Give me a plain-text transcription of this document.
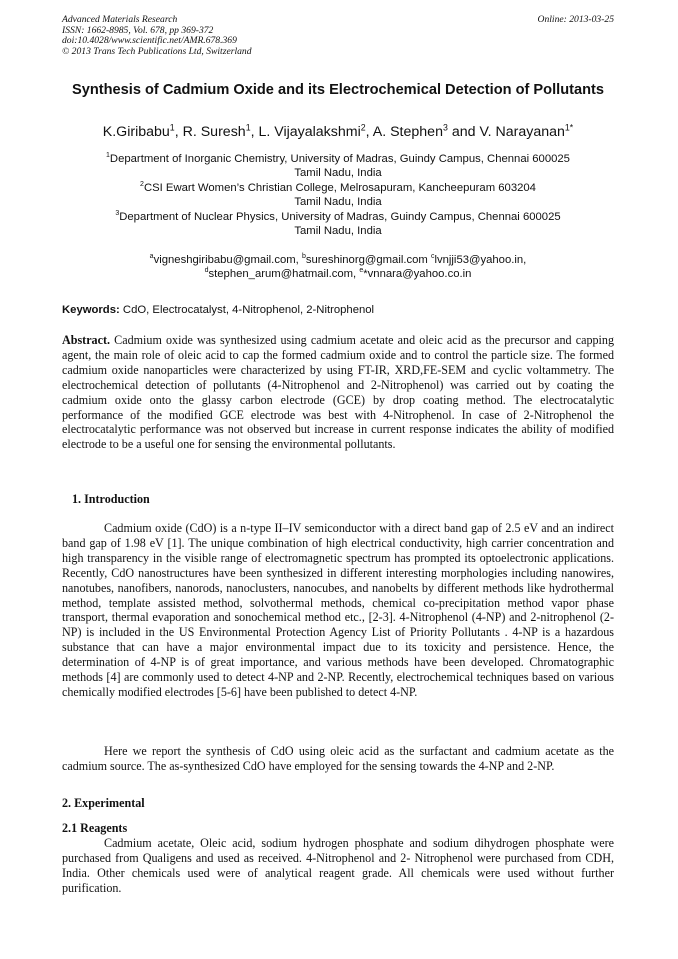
Advanced Materials Research
ISSN: 1662-8985, Vol. 678, pp 369-372
doi:10.4028/www.scientific.net/AMR.678.369
© 2013 Trans Tech Publications Ltd, Switzerland
Online: 2013-03-25
Synthesis of Cadmium Oxide and its Electrochemical Detection of Pollutants
K.Giribabu$^1$, R. Suresh$^1$, L. Vijayalakshmi$^2$, A. Stephen$^3$ and V. Narayanan$^{1*}$
$^1$Department of Inorganic Chemistry, University of Madras, Guindy Campus, Chennai 600025
Tamil Nadu, India
$^2$CSI Ewart Women’s Christian College, Melrosapuram, Kancheepuram 603204
Tamil Nadu, India
$^3$Department of Nuclear Physics, University of Madras, Guindy Campus, Chennai 600025
Tamil Nadu, India
$^a$vigneshgiribabu@gmail.com, $^b$sureshinorg@gmail.com $^c$lvnjji53@yahoo.in,
$^d$stephen_arum@hatmail.com, $^e$*vnnara@yahoo.co.in
Keywords: CdO, Electrocatalyst, 4-Nitrophenol, 2-Nitrophenol
Abstract. Cadmium oxide was synthesized using cadmium acetate and oleic acid as the precursor and capping agent, the main role of oleic acid to cap the formed cadmium oxide and to control the particle size. The formed cadmium oxide nanoparticles were characterized by using FT-IR, XRD,FE-SEM and cyclic voltammetry. The electrochemical detection of pollutants (4-Nitrophenol and 2-Nitrophenol) was carried out by coating the cadmium oxide onto the glassy carbon electrode (GCE) by drop coating method. The electrocatalytic performance of the modified GCE electrode was best with 4-Nitrophenol. In case of 2-Nitrophenol the electrocatalytic performance was not observed but increase in current response indicates the ability of modified electrode to be a useful one for sensing the environmental pollutants.
1. Introduction
Cadmium oxide (CdO) is a n-type II–IV semiconductor with a direct band gap of 2.5 eV and an indirect band gap of 1.98 eV [1]. The unique combination of high electrical conductivity, high carrier concentration and high transparency in the visible range of electromagnetic spectrum has prompted its optoelectronic applications. Recently, CdO nanostructures have been synthesized in different interesting morphologies including nanowires, nanotubes, nanofibers, nanorods, nanoclusters, nanocubes, and nanobelts by different methods like hydrothermal method, template assisted method, solvothermal methods, chemical co-precipitation method vapor phase transport, thermal evaporation and sonochemical method etc., [2-3]. 4-Nitrophenol (4-NP) and 2-nitrophenol (2-NP) is included in the US Environmental Protection Agency List of Priority Pollutants . 4-NP is a hazardous substance that can have a major environmental impact due to its toxicity and persistence. Hence, the determination of 4-NP is of great importance, and various methods have been developed. Chromatographic methods [4] are commonly used to detect 4-NP and 2-NP. Recently, electrochemical techniques based on various chemically modified electrodes [5-6] have been published to detect 4-NP.
Here we report the synthesis of CdO using oleic acid as the surfactant and cadmium acetate as the cadmium source. The as-synthesized CdO have employed for the sensing towards the 4-NP and 2-NP.
2. Experimental
2.1 Reagents
Cadmium acetate, Oleic acid, sodium hydrogen phosphate and sodium dihydrogen phosphate were purchased from Qualigens and used as received. 4-Nitrophenol and 2- Nitrophenol were purchased from CDH, India. Other chemicals used were of analytical reagent grade. All chemicals were used without further purification.
